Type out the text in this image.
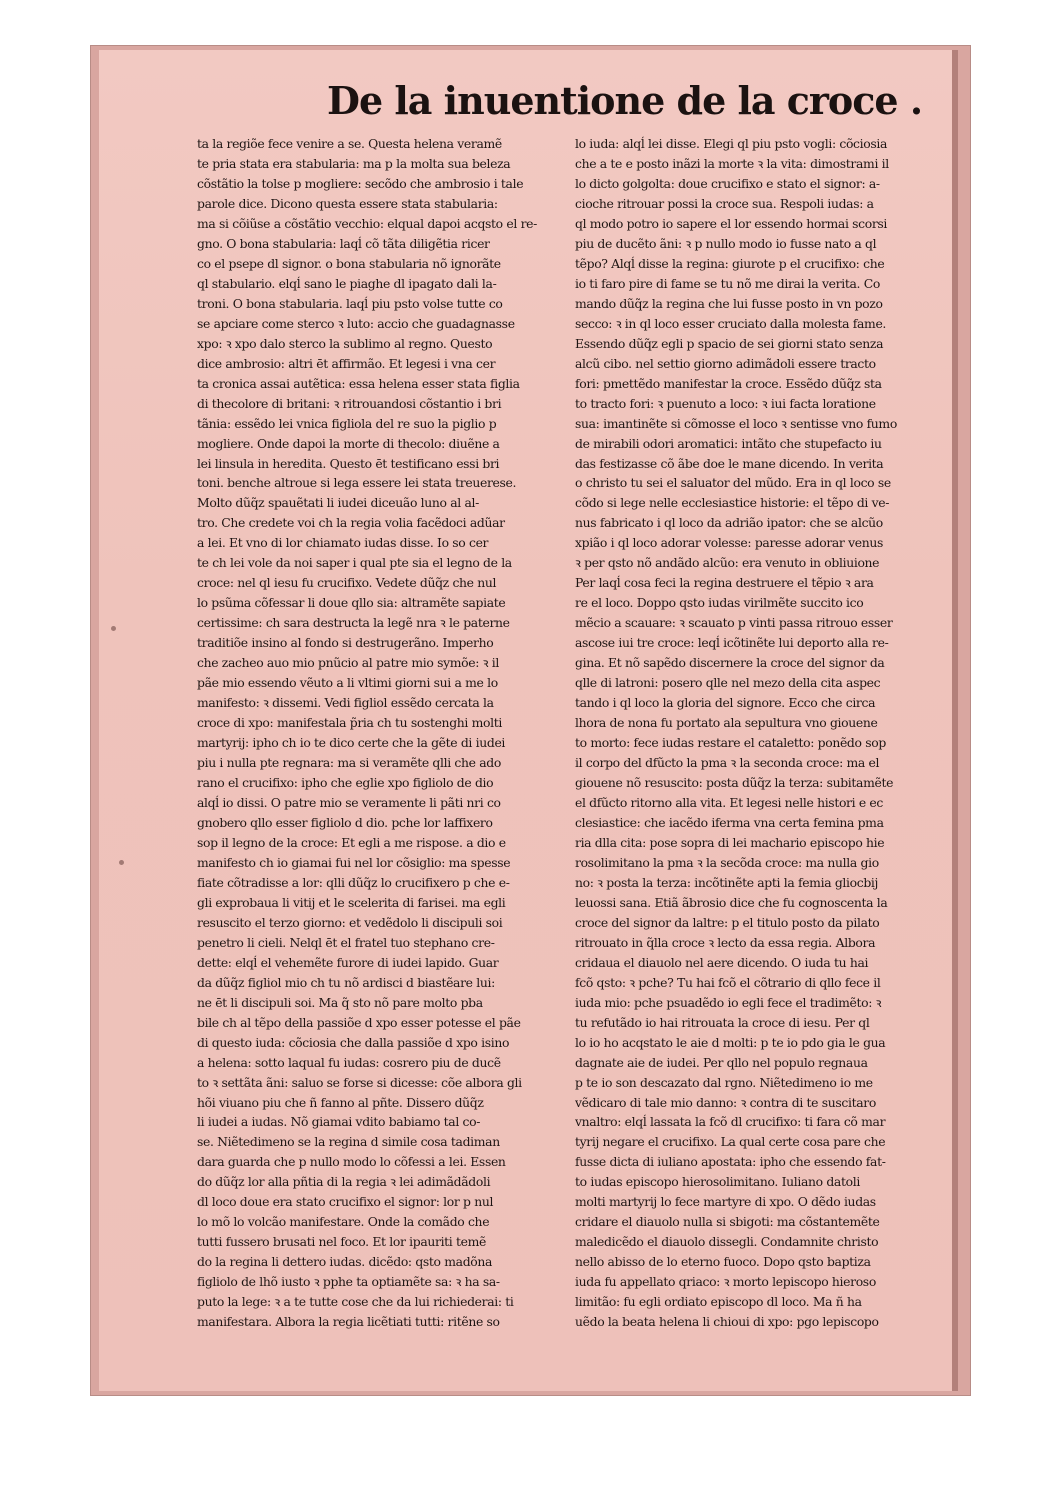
De la inuentione de la croce .
ta la regiõe fece venire a se. Questa helena veramẽ
te pria stata era stabularia: ma p la molta sua beleza
cõstãtio la tolse p mogliere: secõdo che ambrosio i tale
parole dice. Dicono questa essere stata stabularia:
ma si cõiũse a cõstãtio vecchio: elqual dapoi acqsto el re-
gno. O bona stabularia: laqĺ cõ tãta diligẽtia ricer
co el psepe dl signor. o bona stabularia nõ ignorãte
ql stabulario. elqĺ sano le piaghe dl ipagato dali la-
troni. O bona stabularia. laqĺ piu psto volse tutte co
se apciare come sterco ꝛ luto: accio che guadagnasse
xpo: ꝛ xpo dalo sterco la sublimo al regno. Questo
dice ambrosio: altri ēt affirmão. Et legesi i vna cer
ta cronica assai autẽtica: essa helena esser stata figlia
di thecolore di britani: ꝛ ritrouandosi cõstantio i bri
tãnia: essẽdo lei vnica figliola del re suo la piglio p
mogliere. Onde dapoi la morte di thecolo: diuẽne a
lei linsula in heredita. Questo ēt testificano essi bri
toni. benche altroue si lega essere lei stata treuerese.
Molto dũq̃z spauẽtati li iudei diceuão luno al al-
tro. Che credete voi ch la regia volia facẽdoci adũar
a lei. Et vno di lor chiamato iudas disse. Io so cer
te ch lei vole da noi saper i qual pte sia el legno de la
croce: nel ql iesu fu crucifixo. Vedete dũq̃z che nul
lo psũma cõfessar li doue qllo sia: altramẽte sapiate
certissime: ch sara destructa la legẽ nra ꝛ le paterne
traditiõe insino al fondo si destrugerãno. Imperho
che zacheo auo mio pnũcio al patre mio symõe: ꝛ il
pãe mio essendo vẽuto a li vltimi giorni sui a me lo
manifesto: ꝛ dissemi. Vedi figliol essẽdo cercata la
croce di xpo: manifestala p̃ria ch tu sostenghi molti
martyrij: ipho ch io te dico certe che la gẽte di iudei
piu i nulla pte regnara: ma si veramẽte qlli che ado
rano el crucifixo: ipho che eglie xpo figliolo de dio
alqĺ io dissi. O patre mio se veramente li pãti nri co
gnobero qllo esser figliolo d dio. pche lor laffixero
sop il legno de la croce: Et egli a me rispose. a dio e
manifesto ch io giamai fui nel lor cõsiglio: ma spesse
fiate cõtradisse a lor: qlli dũq̃z lo crucifixero p che e-
gli exprobaua li vitij et le scelerita di farisei. ma egli
resuscito el terzo giorno: et vedẽdolo li discipuli soi
penetro li cieli. Nelql ēt el fratel tuo stephano cre-
dette: elqĺ el vehemẽte furore di iudei lapido. Guar
da dũq̃z figliol mio ch tu nõ ardisci d biastẽare lui:
ne ēt li discipuli soi. Ma q̃ sto nõ pare molto pba
bile ch al tẽpo della passiõe d xpo esser potesse el pãe
di questo iuda: cõciosia che dalla passiõe d xpo isino
a helena: sotto laqual fu iudas: cosrero piu de ducẽ
to ꝛ settãta ãni: saluo se forse si dicesse: cõe albora gli
hõi viuano piu che ñ fanno al pñte. Dissero dũq̃z
li iudei a iudas. Nõ giamai vdito babiamo tal co-
se. Niẽtedimeno se la regina d simile cosa tadiman
dara guarda che p nullo modo lo cõfessi a lei. Essen
do dũq̃z lor alla pñtia di la regia ꝛ lei adimãdãdoli
dl loco doue era stato crucifixo el signor: lor p nul
lo mõ lo volcão manifestare. Onde la comãdo che
tutti fussero brusati nel foco. Et lor ipauriti temẽ
do la regina li dettero iudas. dicẽdo: qsto madõna
figliolo de lhõ iusto ꝛ pphe ta optiamẽte sa: ꝛ ha sa-
puto la lege: ꝛ a te tutte cose che da lui richiederai: ti
manifestara. Albora la regia licẽtiati tutti: ritẽne so
lo iuda: alqĺ lei disse. Elegi ql piu psto vogli: cõciosia
che a te e posto inãzi la morte ꝛ la vita: dimostrami il
lo dicto golgolta: doue crucifixo e stato el signor: a-
cioche ritrouar possi la croce sua. Respoli iudas: a
ql modo potro io sapere el lor essendo hormai scorsi
piu de ducẽto ãni: ꝛ p nullo modo io fusse nato a ql
tẽpo? Alqĺ disse la regina: giurote p el crucifixo: che
io ti faro pire di fame se tu nõ me dirai la verita. Co
mando dũq̃z la regina che lui fusse posto in vn pozo
secco: ꝛ in ql loco esser cruciato dalla molesta fame.
Essendo dũq̃z egli p spacio de sei giorni stato senza
alcũ cibo. nel settio giorno adimãdoli essere tracto
fori: pmettẽdo manifestar la croce. Essẽdo dũq̃z sta
to tracto fori: ꝛ puenuto a loco: ꝛ iui facta loratione
sua: imantinẽte si cõmosse el loco ꝛ sentisse vno fumo
de mirabili odori aromatici: intãto che stupefacto iu
das festizasse cõ ãbe doe le mane dicendo. In verita
o christo tu sei el saluator del mũdo. Era in ql loco se
cõdo si lege nelle ecclesiastice historie: el tẽpo di ve-
nus fabricato i ql loco da adrião ipator: che se alcũo
xpião i ql loco adorar volesse: paresse adorar venus
ꝛ per qsto nõ andãdo alcũo: era venuto in obliuione
Per laqĺ cosa feci la regina destruere el tẽpio ꝛ ara
re el loco. Doppo qsto iudas virilmẽte succito ico
mẽcio a scauare: ꝛ scauato p vinti passa ritrouo esser
ascose iui tre croce: leqĺ icõtinẽte lui deporto alla re-
gina. Et nõ sapẽdo discernere la croce del signor da
qlle di latroni: posero qlle nel mezo della cita aspec
tando i ql loco la gloria del signore. Ecco che circa
lhora de nona fu portato ala sepultura vno giouene
to morto: fece iudas restare el cataletto: ponẽdo sop
il corpo del dfũcto la pma ꝛ la seconda croce: ma el
giouene nõ resuscito: posta dũq̃z la terza: subitamẽte
el dfũcto ritorno alla vita. Et legesi nelle histori e ec
clesiastice: che iacẽdo iferma vna certa femina pma
ria dlla cita: pose sopra di lei machario episcopo hie
rosolimitano la pma ꝛ la secõda croce: ma nulla gio
no: ꝛ posta la terza: incõtinẽte apti la femia gliocbij
leuossi sana. Etiã ãbrosio dice che fu cognoscenta la
croce del signor da laltre: p el titulo posto da pilato
ritrouato in q̃lla croce ꝛ lecto da essa regia. Albora
cridaua el diauolo nel aere dicendo. O iuda tu hai
fcõ qsto: ꝛ pche? Tu hai fcõ el cõtrario di qllo fece il
iuda mio: pche psuadẽdo io egli fece el tradimẽto: ꝛ
tu refutãdo io hai ritrouata la croce di iesu. Per ql
lo io ho acqstato le aie d molti: p te io pdo gia le gua
dagnate aie de iudei. Per qllo nel populo regnaua
p te io son descazato dal rgno. Niẽtedimeno io me
vẽdicaro di tale mio danno: ꝛ contra di te suscitaro
vnaltro: elqĺ lassata la fcõ dl crucifixo: ti fara cõ mar
tyrij negare el crucifixo. La qual certe cosa pare che
fusse dicta di iuliano apostata: ipho che essendo fat-
to iudas episcopo hierosolimitano. Iuliano datoli
molti martyrij lo fece martyre di xpo. O dẽdo iudas
cridare el diauolo nulla si sbigoti: ma cõstantemẽte
maledicẽdo el diauolo dissegli. Condamnite christo
nello abisso de lo eterno fuoco. Dopo qsto baptiza
iuda fu appellato qriaco: ꝛ morto lepiscopo hieroso
limitão: fu egli ordiato episcopo dl loco. Ma ñ ha
uẽdo la beata helena li chioui di xpo: pgo lepiscopo
